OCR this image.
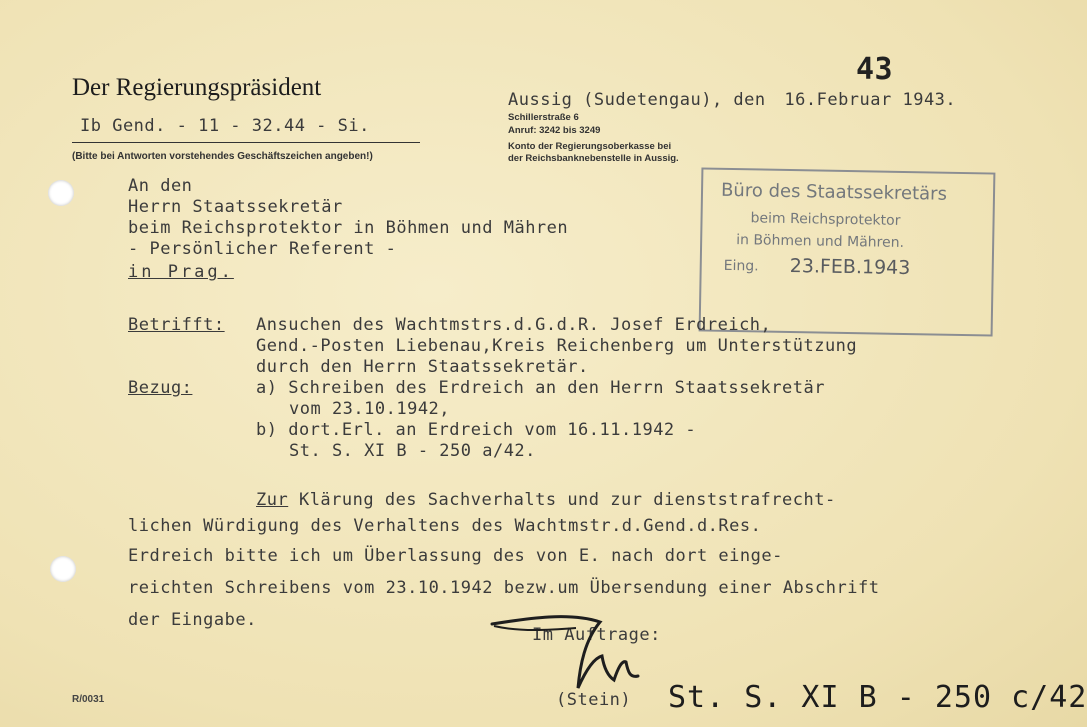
Der Regierungspräsident
Ib Gend. - 11 - 32.44 - Si.
(Bitte bei Antworten vorstehendes Geschäftszeichen angeben!)
43
Aussig (Sudetengau), den 16.Februar 1943.
Schillerstraße 6
Anruf: 3242 bis 3249
Konto der Regierungsoberkasse bei
der Reichsbanknebenstelle in Aussig.
An den
Herrn Staatssekretär
beim Reichsprotektor in Böhmen und Mähren
- Persönlicher Referent -
in Prag.
Büro des Staatssekretärs
beim Reichsprotektor
in Böhmen und Mähren.
Eing. 23.FEB.1943
Betrifft: Ansuchen des Wachtmstrs.d.G.d.R. Josef Erdreich,
Gend.-Posten Liebenau,Kreis Reichenberg um Unterstützung
durch den Herrn Staatssekretär.
Bezug:	a) Schreiben des Erdreich an den Herrn Staatssekretär
vom 23.10.1942,
b) dort.Erl. an Erdreich vom 16.11.1942 -
St. S. XI B - 250 a/42.
Zur Klärung des Sachverhalts und zur dienststrafrecht-
lichen Würdigung des Verhaltens des Wachtmstr.d.Gend.d.Res.
Erdreich bitte ich um Überlassung des von E. nach dort einge-
reichten Schreibens vom 23.10.1942 bezw.um Übersendung einer Abschrift
der Eingabe.
Im Auftrage:
(Stein) St. S. XI B - 250 c/42
R/0031
